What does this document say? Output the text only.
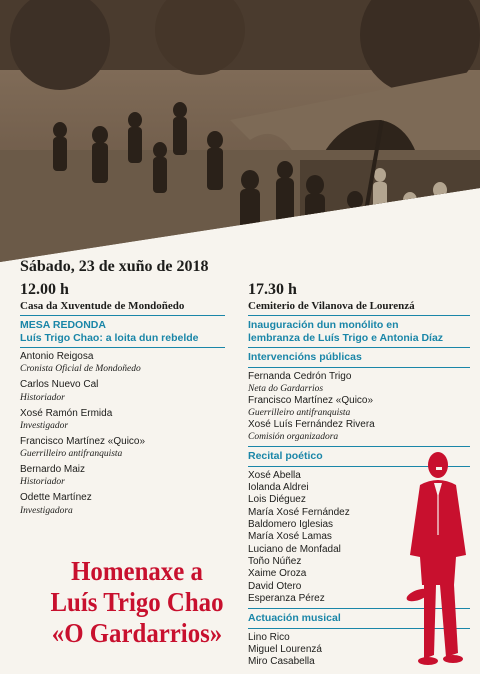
Sábado, 23 de xuño de 2018
12.00 h
Casa da Xuventude de Mondoñedo
MESA REDONDA
Luís Trigo Chao: a loita dun rebelde
Antonio Reigosa
Cronista Oficial de Mondoñedo
Carlos Nuevo Cal
Historiador
Xosé Ramón Ermida
Investigador
Francisco Martínez «Quico»
Guerrilleiro antifranquista
Bernardo Maiz
Historiador
Odette Martínez
Investigadora
17.30 h
Cemiterio de Vilanova de Lourenzá
Inauguración dun monólito en
lembranza de Luís Trigo e Antonia Díaz
Intervencións públicas
Fernanda Cedrón Trigo
Neta do Gardarrios
Francisco Martínez «Quico»
Guerrilleiro antifranquista
Xosé Luís Fernández Rivera
Comisión organizadora
Recital poético
Xosé Abella
Iolanda Aldrei
Lois Diéguez
María Xosé Fernández
Baldomero Iglesias
María Xosé Lamas
Luciano de Monfadal
Toño Núñez
Xaime Oroza
David Otero
Esperanza Pérez
Actuación musical
Lino Rico
Miguel Lourenzá
Miro Casabella
Homenaxe a
Luís Trigo Chao
«O Gardarrios»
